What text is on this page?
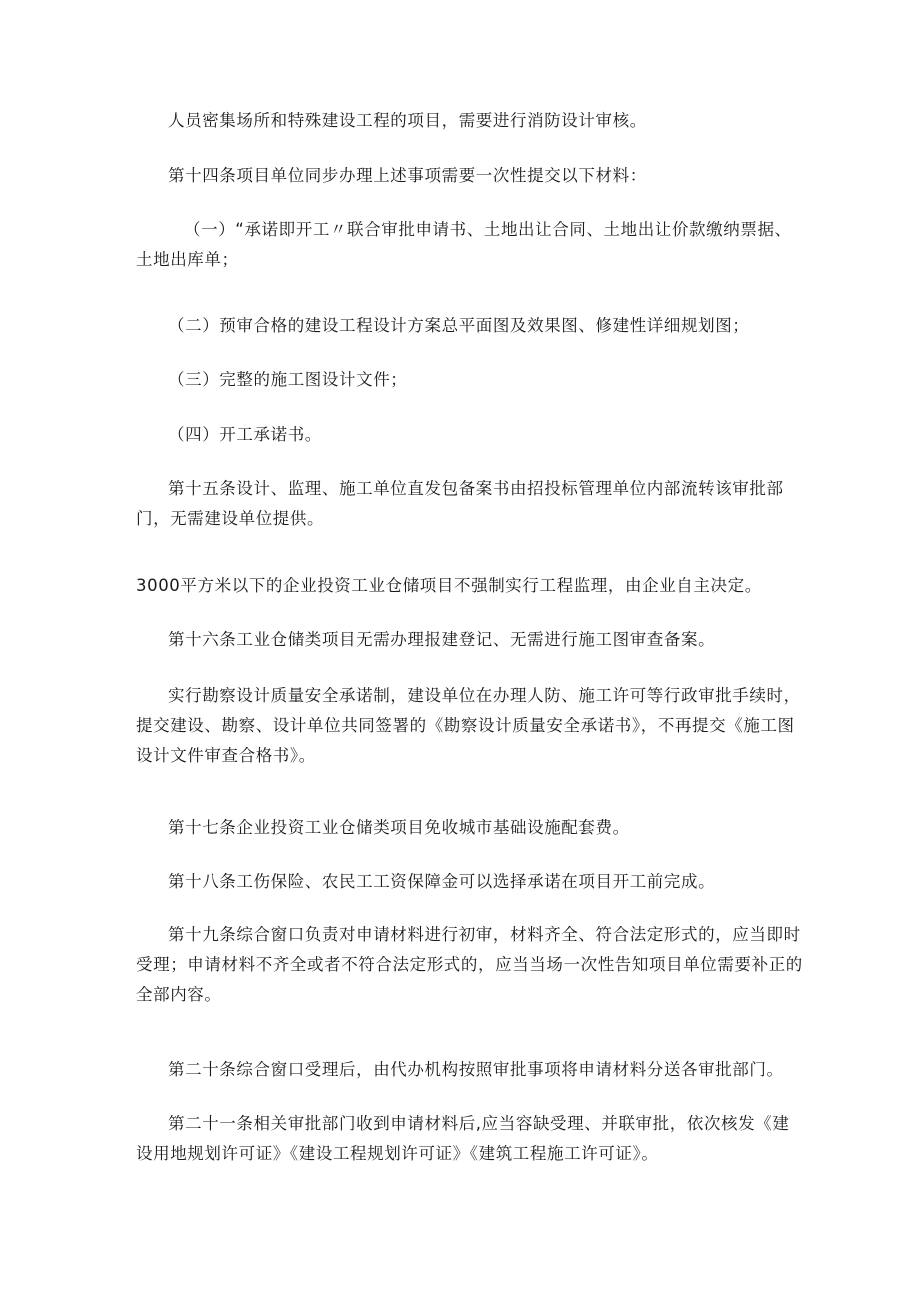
人员密集场所和特殊建设工程的项目，需要进行消防设计审核。

第十四条项目单位同步办理上述事项需要一次性提交以下材料：

（一）“承诺即开工〃联合审批申请书、土地出让合同、土地出让价款缴纳票据、土地出库单；

（二）预审合格的建设工程设计方案总平面图及效果图、修建性详细规划图；

（三）完整的施工图设计文件；

（四）开工承诺书。

第十五条设计、监理、施工单位直发包备案书由招投标管理单位内部流转该审批部门，无需建设单位提供。

3000平方米以下的企业投资工业仓储项目不强制实行工程监理，由企业自主决定。

第十六条工业仓储类项目无需办理报建登记、无需进行施工图审查备案。

实行勘察设计质量安全承诺制，建设单位在办理人防、施工许可等行政审批手续时，提交建设、勘察、设计单位共同签署的《勘察设计质量安全承诺书》，不再提交《施工图设计文件审查合格书》。

第十七条企业投资工业仓储类项目免收城市基础设施配套费。

第十八条工伤保险、农民工工资保障金可以选择承诺在项目开工前完成。

第十九条综合窗口负责对申请材料进行初审，材料齐全、符合法定形式的，应当即时受理；申请材料不齐全或者不符合法定形式的，应当当场一次性告知项目单位需要补正的全部内容。

第二十条综合窗口受理后，由代办机构按照审批事项将申请材料分送各审批部门。

第二十一条相关审批部门收到申请材料后,应当容缺受理、并联审批，依次核发《建设用地规划许可证》《建设工程规划许可证》《建筑工程施工许可证》。
